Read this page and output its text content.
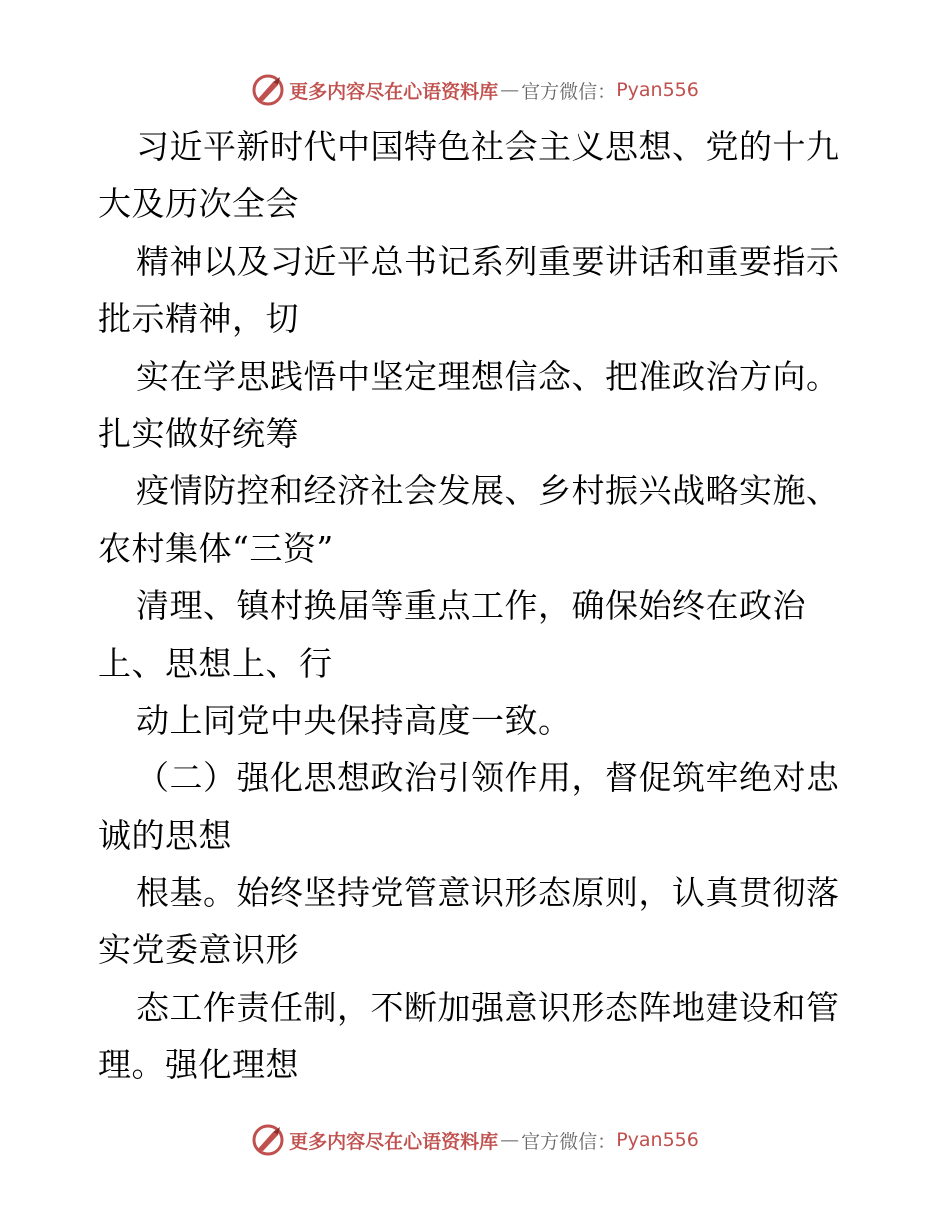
更多内容尽在心语资料库 — 官方微信： Pyan556
习近平新时代中国特色社会主义思想、党的十九
大及历次全会
精神以及习近平总书记系列重要讲话和重要指示
批示精神，切
实在学思践悟中坚定理想信念、把准政治方向。
扎实做好统筹
疫情防控和经济社会发展、乡村振兴战略实施、
农村集体“三资”
清理、镇村换届等重点工作，确保始终在政治
上、思想上、行
动上同党中央保持高度一致。
（二）强化思想政治引领作用，督促筑牢绝对忠
诚的思想
根基。始终坚持党管意识形态原则，认真贯彻落
实党委意识形
态工作责任制，不断加强意识形态阵地建设和管
理。强化理想
更多内容尽在心语资料库 — 官方微信： Pyan556
